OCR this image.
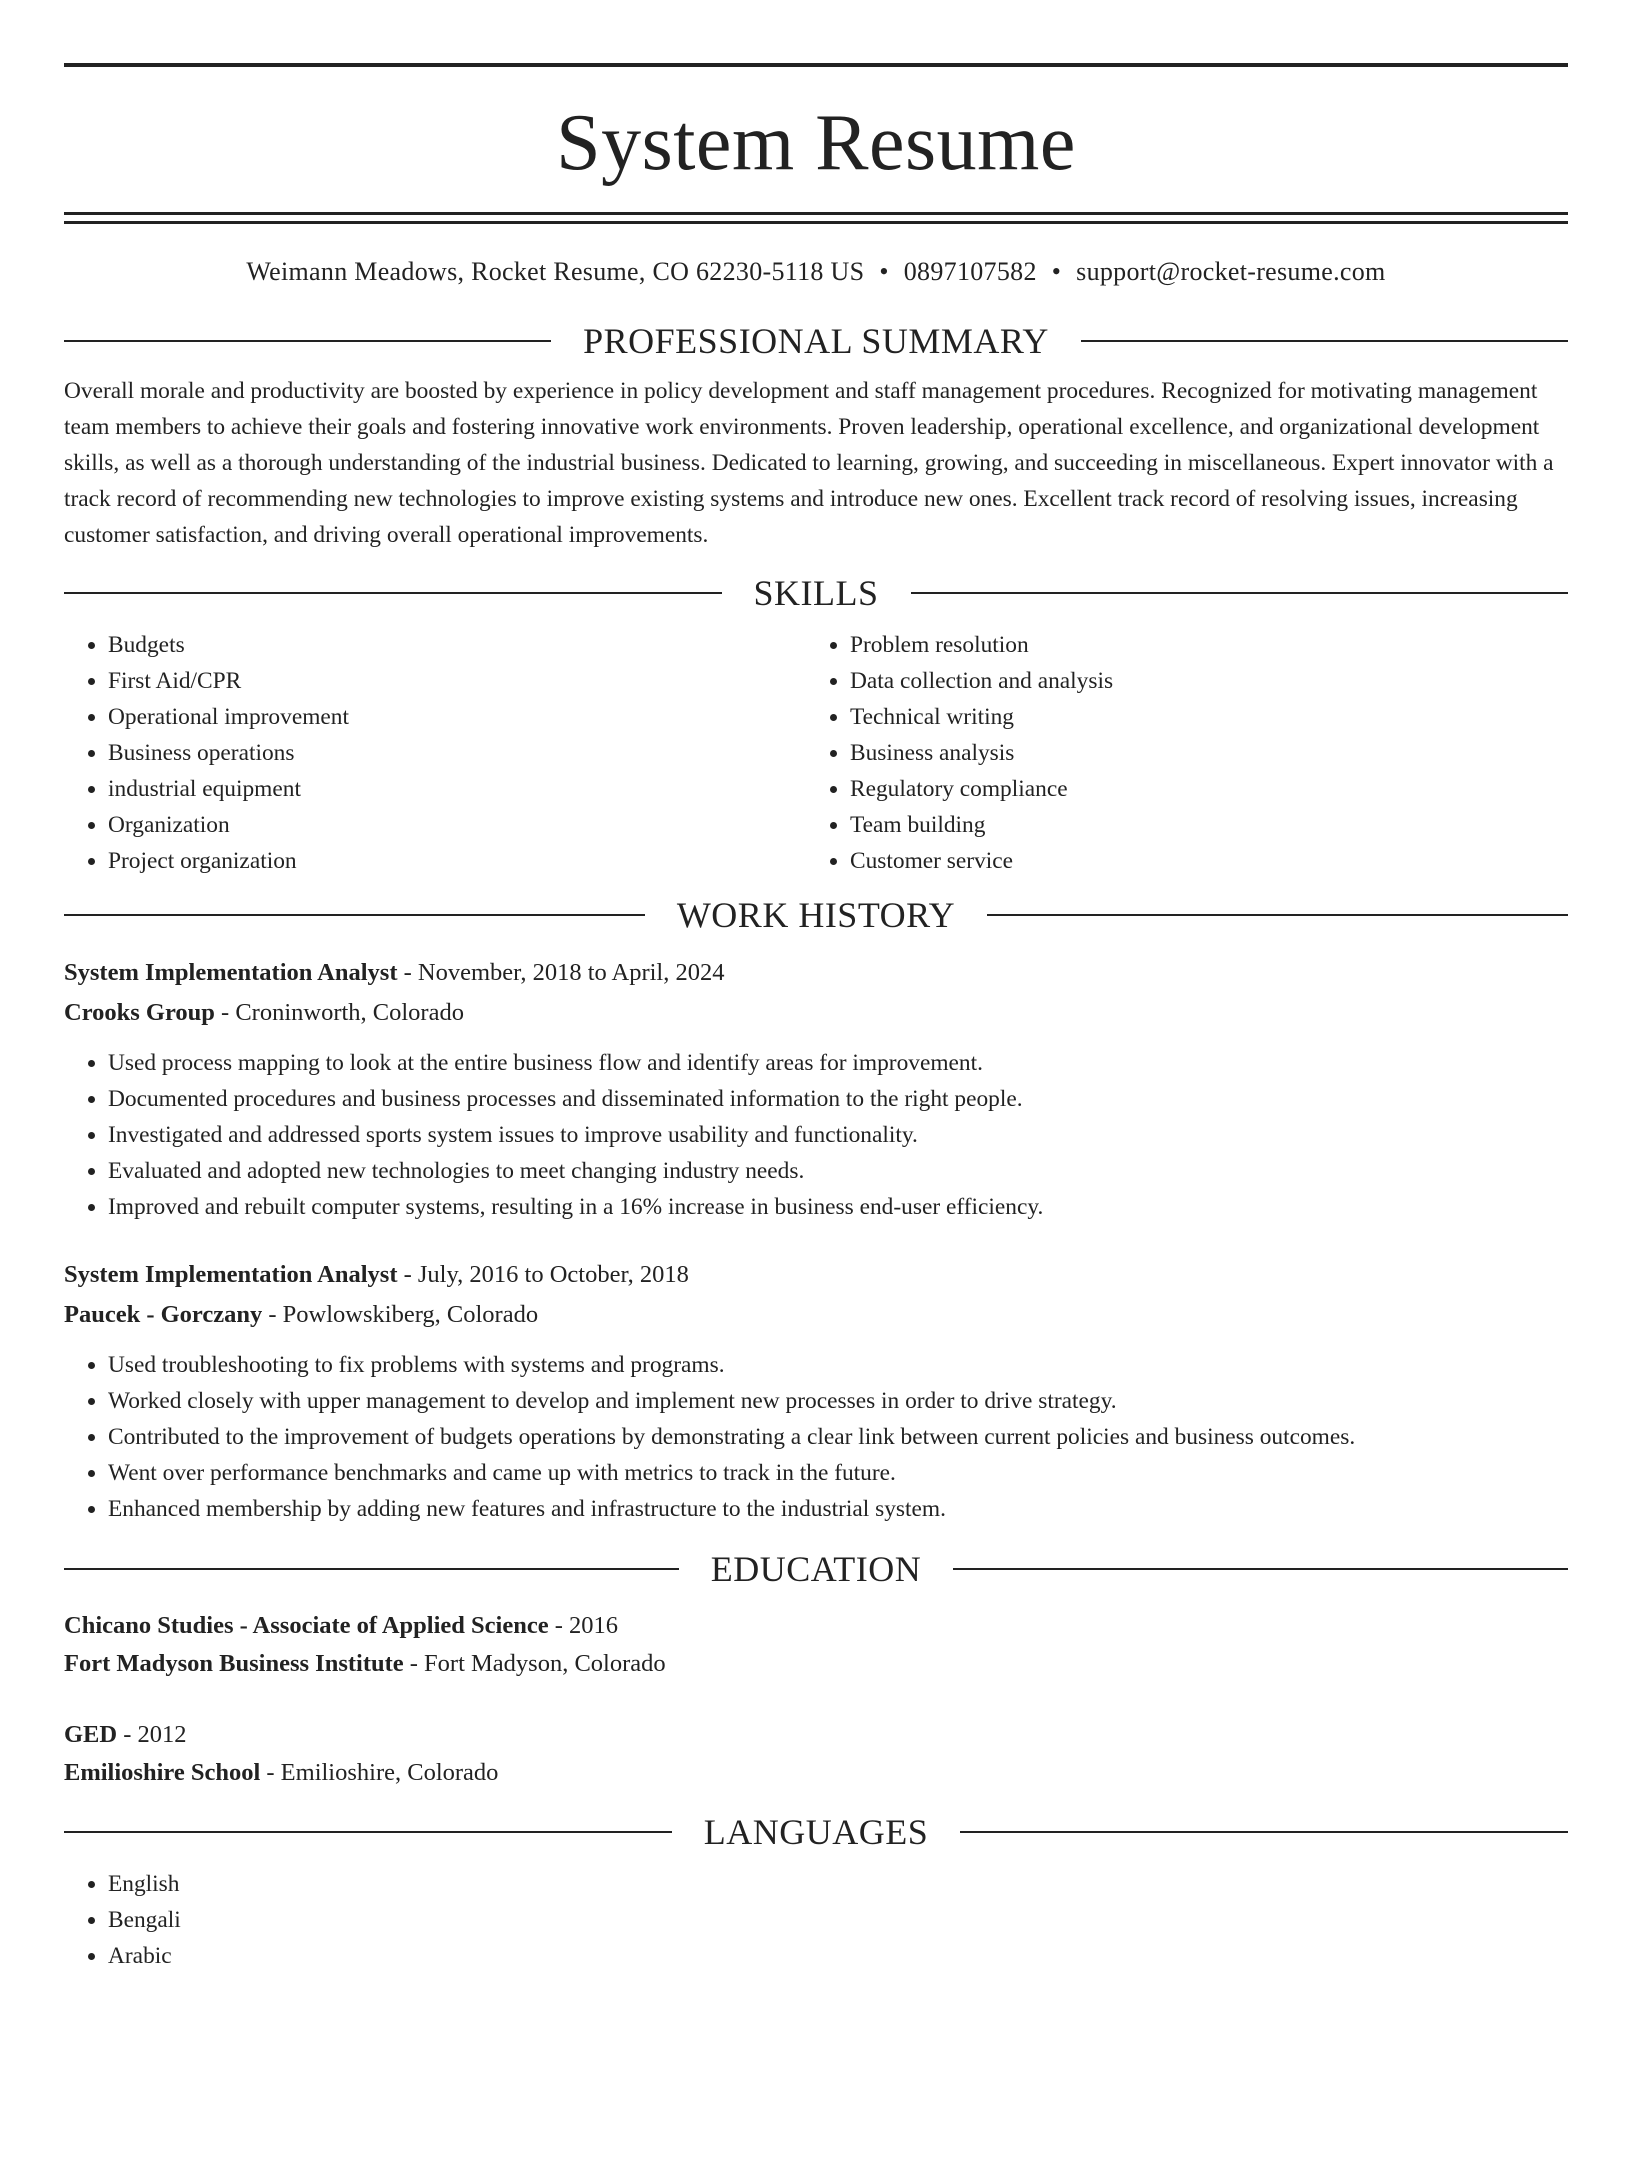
System Resume
Weimann Meadows, Rocket Resume, CO 62230-5118 US • 0897107582 • support@rocket-resume.com
PROFESSIONAL SUMMARY
Overall morale and productivity are boosted by experience in policy development and staff management procedures. Recognized for motivating management team members to achieve their goals and fostering innovative work environments. Proven leadership, operational excellence, and organizational development skills, as well as a thorough understanding of the industrial business. Dedicated to learning, growing, and succeeding in miscellaneous. Expert innovator with a track record of recommending new technologies to improve existing systems and introduce new ones. Excellent track record of resolving issues, increasing customer satisfaction, and driving overall operational improvements.
SKILLS
• Budgets
• First Aid/CPR
• Operational improvement
• Business operations
• industrial equipment
• Organization
• Project organization
• Problem resolution
• Data collection and analysis
• Technical writing
• Business analysis
• Regulatory compliance
• Team building
• Customer service
WORK HISTORY
System Implementation Analyst - November, 2018 to April, 2024
Crooks Group - Croninworth, Colorado
• Used process mapping to look at the entire business flow and identify areas for improvement.
• Documented procedures and business processes and disseminated information to the right people.
• Investigated and addressed sports system issues to improve usability and functionality.
• Evaluated and adopted new technologies to meet changing industry needs.
• Improved and rebuilt computer systems, resulting in a 16% increase in business end-user efficiency.
System Implementation Analyst - July, 2016 to October, 2018
Paucek - Gorczany - Powlowskiberg, Colorado
• Used troubleshooting to fix problems with systems and programs.
• Worked closely with upper management to develop and implement new processes in order to drive strategy.
• Contributed to the improvement of budgets operations by demonstrating a clear link between current policies and business outcomes.
• Went over performance benchmarks and came up with metrics to track in the future.
• Enhanced membership by adding new features and infrastructure to the industrial system.
EDUCATION
Chicano Studies - Associate of Applied Science - 2016
Fort Madyson Business Institute - Fort Madyson, Colorado
GED - 2012
Emilioshire School - Emilioshire, Colorado
LANGUAGES
• English
• Bengali
• Arabic
